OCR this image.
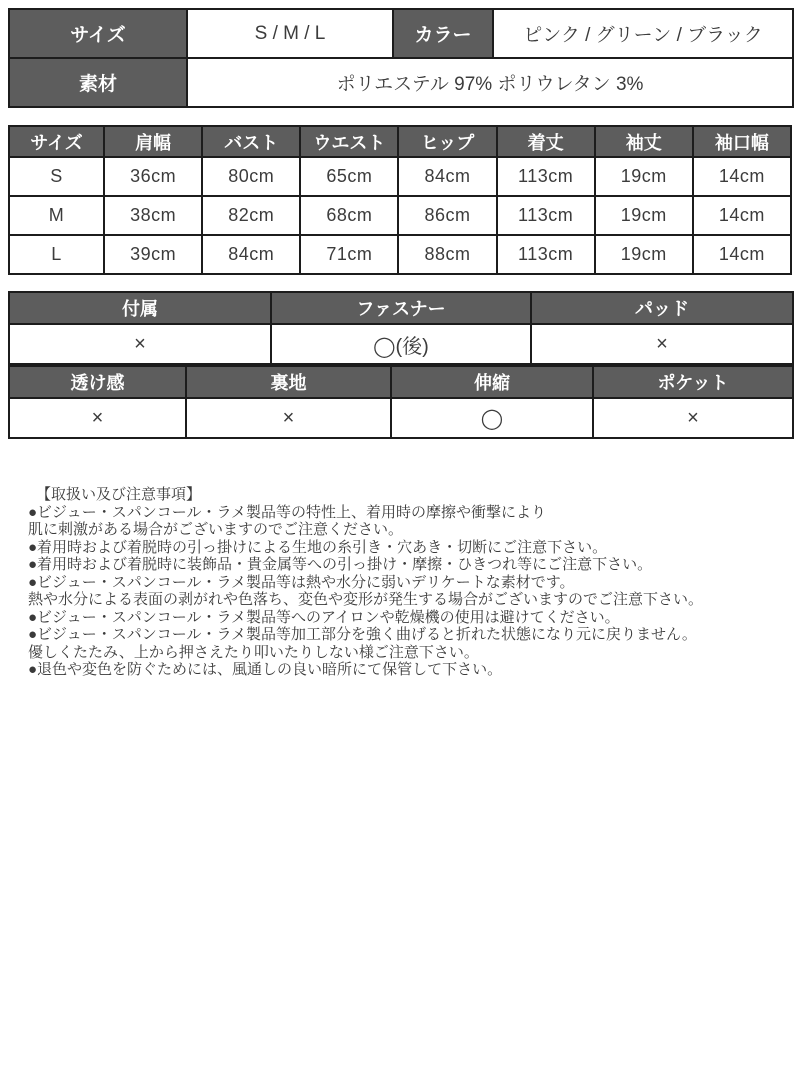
サイズ	S / M / L	カラー	ピンク / グリーン / ブラック
素材	ポリエステル 97% ポリウレタン 3%		
サイズ	肩幅	バスト	ウエスト	ヒップ	着丈	袖丈	袖口幅
S	36cm	80cm	65cm	84cm	113cm	19cm	14cm
M	38cm	82cm	68cm	86cm	113cm	19cm	14cm
L	39cm	84cm	71cm	88cm	113cm	19cm	14cm
付属	ファスナー	パッド
×	◯(後)	×
透け感	裏地	伸縮	ポケット
×	×	◯	×
【取扱い及び注意事項】
●ビジュー・スパンコール・ラメ製品等の特性上、着用時の摩擦や衝撃により
肌に刺激がある場合がございますのでご注意ください。
●着用時および着脱時の引っ掛けによる生地の糸引き・穴あき・切断にご注意下さい。
●着用時および着脱時に装飾品・貴金属等への引っ掛け・摩擦・ひきつれ等にご注意下さい。
●ビジュー・スパンコール・ラメ製品等は熱や水分に弱いデリケートな素材です。
熱や水分による表面の剥がれや色落ち、変色や変形が発生する場合がございますのでご注意下さい。
●ビジュー・スパンコール・ラメ製品等へのアイロンや乾燥機の使用は避けてください。
●ビジュー・スパンコール・ラメ製品等加工部分を強く曲げると折れた状態になり元に戻りません。
優しくたたみ、上から押さえたり叩いたりしない様ご注意下さい。
●退色や変色を防ぐためには、風通しの良い暗所にて保管して下さい。
